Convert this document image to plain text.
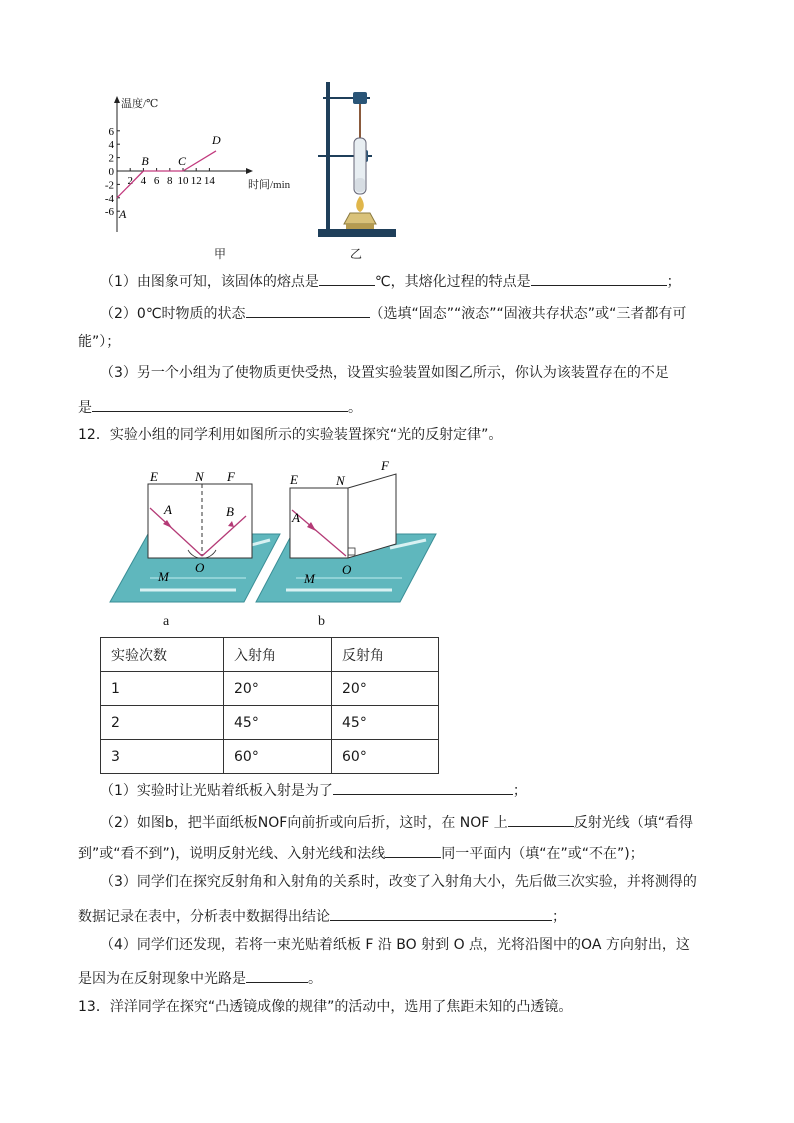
温度/℃
时间/min
6
4
2
0
-2
-4
-6
2 4 6 8 10 12 14
A
B C
D
甲	乙
（1）由图象可知，该固体的熔点是	℃，其熔化过程的特点是	；
（2）0℃时物质的状态	（选填“固态”“液态”“固液共存状态”或“三者都有可
能”）；
（3）另一个小组为了使物质更快受热，设置实验装置如图乙所示，你认为该装置存在的不足
是	。
12．实验小组的同学利用如图所示的实验装置探究“光的反射定律”。
E	N F
A	B
O
M
a
E	N
F
A
O
M
b
实验次数	入射角	反射角
1	20°	20°
2	45°	45°
3	60°	60°
（1）实验时让光贴着纸板入射是为了	；
（2）如图b，把半面纸板NOF向前折或向后折，这时，在 NOF 上	反射光线（填“看得
到”或“看不到”)，说明反射光线、入射光线和法线	同一平面内（填“在”或“不在”)；
（3）同学们在探究反射角和入射角的关系时，改变了入射角大小，先后做三次实验，并将测得的
数据记录在表中，分析表中数据得出结论	；
（4）同学们还发现，若将一束光贴着纸板 F 沿 BO 射到 O 点，光将沿图中的OA 方向射出，这
是因为在反射现象中光路是	。
13．洋洋同学在探究“凸透镜成像的规律”的活动中，选用了焦距未知的凸透镜。
